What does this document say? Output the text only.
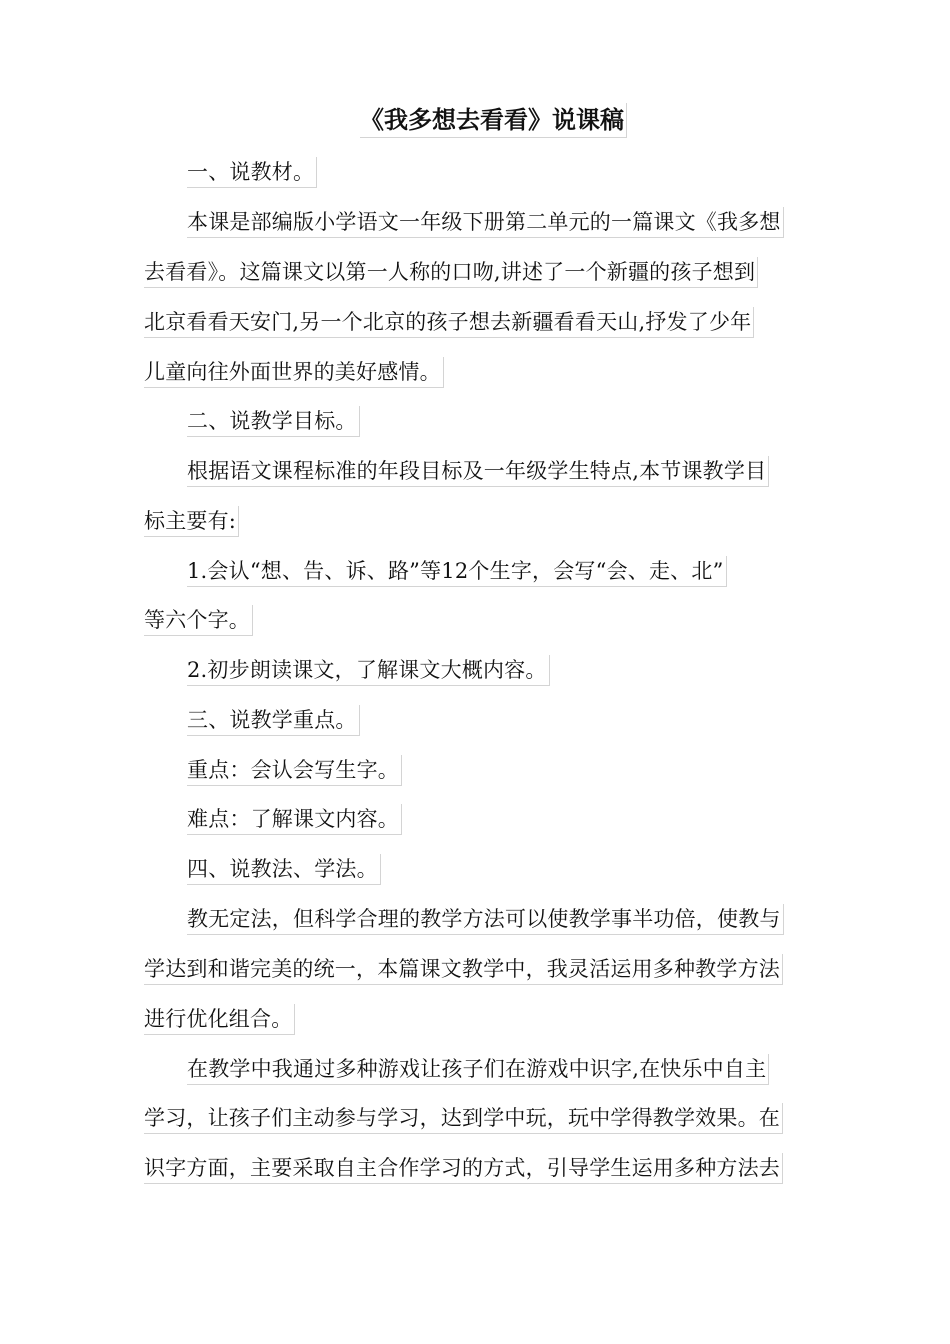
《我多想去看看》说课稿
一、说教材。
本课是部编版小学语文一年级下册第二单元的一篇课文《我多想
去看看》。这篇课文以第一人称的口吻,讲述了一个新疆的孩子想到
北京看看天安门,另一个北京的孩子想去新疆看看天山,抒发了少年
儿童向往外面世界的美好感情。
二、说教学目标。
根据语文课程标准的年段目标及一年级学生特点,本节课教学目
标主要有:
1.会认“想、告、诉、路”等12个生字，会写“会、走、北”
等六个字。
2.初步朗读课文，了解课文大概内容。
三、说教学重点。
重点：会认会写生字。
难点：了解课文内容。
四、说教法、学法。
教无定法，但科学合理的教学方法可以使教学事半功倍，使教与
学达到和谐完美的统一，本篇课文教学中，我灵活运用多种教学方法
进行优化组合。
在教学中我通过多种游戏让孩子们在游戏中识字,在快乐中自主
学习，让孩子们主动参与学习，达到学中玩，玩中学得教学效果。在
识字方面，主要采取自主合作学习的方式，引导学生运用多种方法去
